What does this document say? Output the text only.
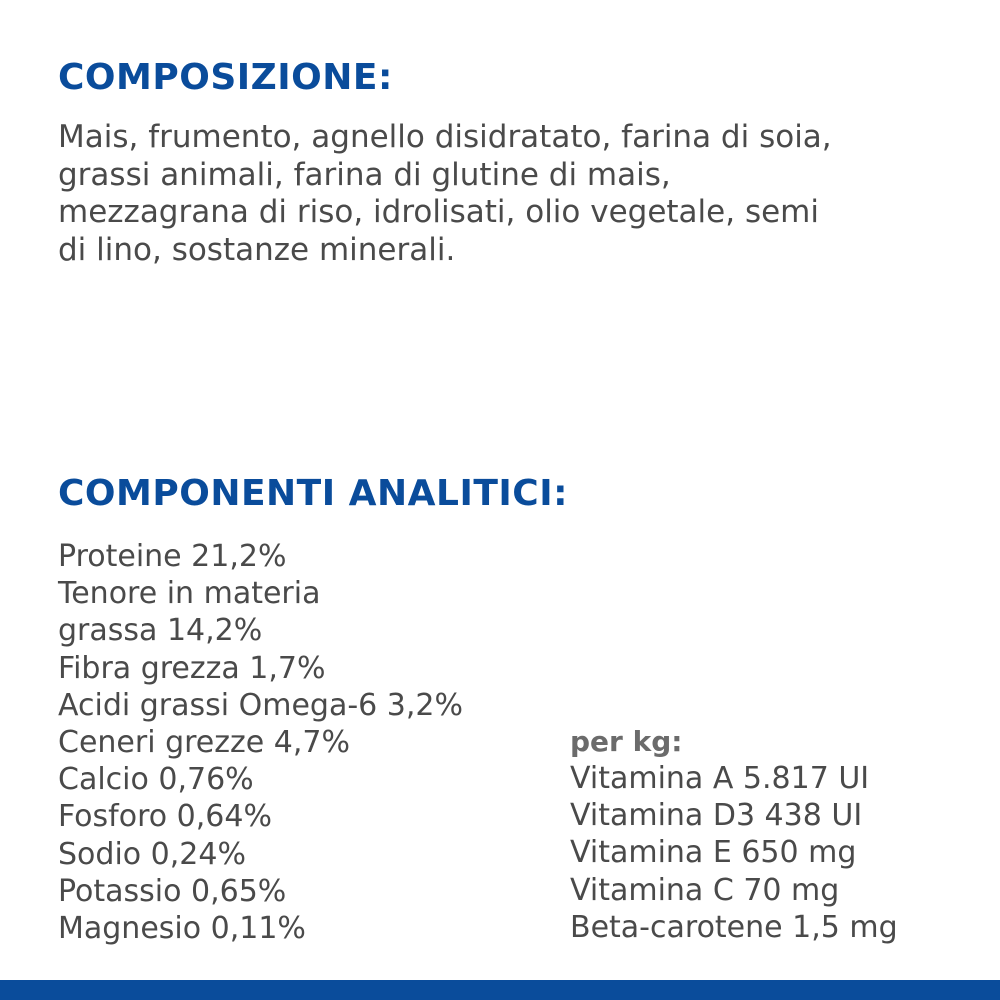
COMPOSIZIONE:

Mais, frumento, agnello disidratato, farina di soia,
grassi animali, farina di glutine di mais,
mezzagrana di riso, idrolisati, olio vegetale, semi
di lino, sostanze minerali.

COMPONENTI ANALITICI:
Proteine 21,2%
Tenore in materia
grassa 14,2%
Fibra grezza 1,7%
Acidi grassi Omega-6 3,2%
Ceneri grezze 4,7%
Calcio 0,76%
Fosforo 0,64%
Sodio 0,24%
Potassio 0,65%
Magnesio 0,11%
per kg:
Vitamina A 5.817 UI
Vitamina D3 438 UI
Vitamina E 650 mg
Vitamina C 70 mg
Beta-carotene 1,5 mg
